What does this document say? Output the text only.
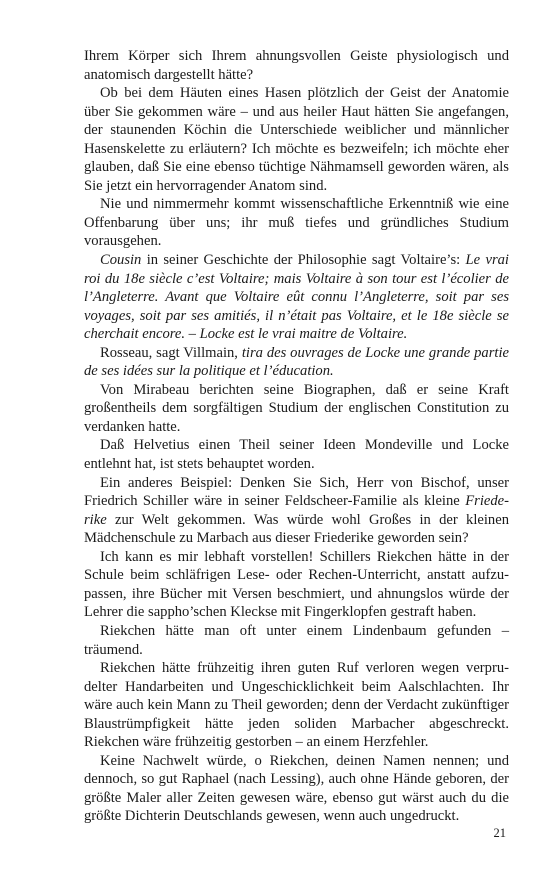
Ihrem Körper sich Ihrem ahnungsvollen Geiste physiologisch und anatomisch dargestellt hätte?

Ob bei dem Häuten eines Hasen plötzlich der Geist der Anatomie über Sie gekommen wäre – und aus heiler Haut hätten Sie angefangen, der staunenden Köchin die Unterschiede weiblicher und männlicher Hasenskelette zu erläutern? Ich möchte es bezweifeln; ich möchte eher glauben, daß Sie eine ebenso tüchtige Nähmamsell geworden wären, als Sie jetzt ein hervorragender Anatom sind.

Nie und nimmermehr kommt wissenschaftliche Erkenntniß wie eine Offenbarung über uns; ihr muß tiefes und gründliches Studium vorausgehen.

Cousin in seiner Geschichte der Philosophie sagt Voltaire’s: Le vrai roi du 18e siècle c’est Voltaire; mais Voltaire à son tour est l’écolier de l’Angleterre. Avant que Voltaire eût connu l’Angleterre, soit par ses voyages, soit par ses amitiés, il n’était pas Voltaire, et le 18e siècle se cherchait encore. – Locke est le vrai maitre de Voltaire.

Rosseau, sagt Villmain, tira des ouvrages de Locke une grande partie de ses idées sur la politique et l’éducation.

Von Mirabeau berichten seine Biographen, daß er seine Kraft großentheils dem sorgfältigen Studium der englischen Constitution zu verdanken hatte.

Daß Helvetius einen Theil seiner Ideen Mondeville und Locke entlehnt hat, ist stets behauptet worden.

Ein anderes Beispiel: Denken Sie Sich, Herr von Bischof, unser Friedrich Schiller wäre in seiner Feldscheer-Familie als kleine Friederike zur Welt gekommen. Was würde wohl Großes in der kleinen Mädchenschule zu Marbach aus dieser Friederike geworden sein?

Ich kann es mir lebhaft vorstellen! Schillers Riekchen hätte in der Schule beim schläfrigen Lese- oder Rechen-Unterricht, anstatt aufzupassen, ihre Bücher mit Versen beschmiert, und ahnungslos würde der Lehrer die sappho’schen Kleckse mit Fingerklopfen gestraft haben.

Riekchen hätte man oft unter einem Lindenbaum gefunden – träumend.

Riekchen hätte frühzeitig ihren guten Ruf verloren wegen verprudelter Handarbeiten und Ungeschicklichkeit beim Aalschlachten. Ihr wäre auch kein Mann zu Theil geworden; denn der Verdacht zukünftiger Blaustrümpfigkeit hätte jeden soliden Marbacher abgeschreckt. Riekchen wäre frühzeitig gestorben – an einem Herzfehler.

Keine Nachwelt würde, o Riekchen, deinen Namen nennen; und dennoch, so gut Raphael (nach Lessing), auch ohne Hände geboren, der größte Maler aller Zeiten gewesen wäre, ebenso gut wärst auch du die größte Dichterin Deutschlands gewesen, wenn auch ungedruckt.

21
